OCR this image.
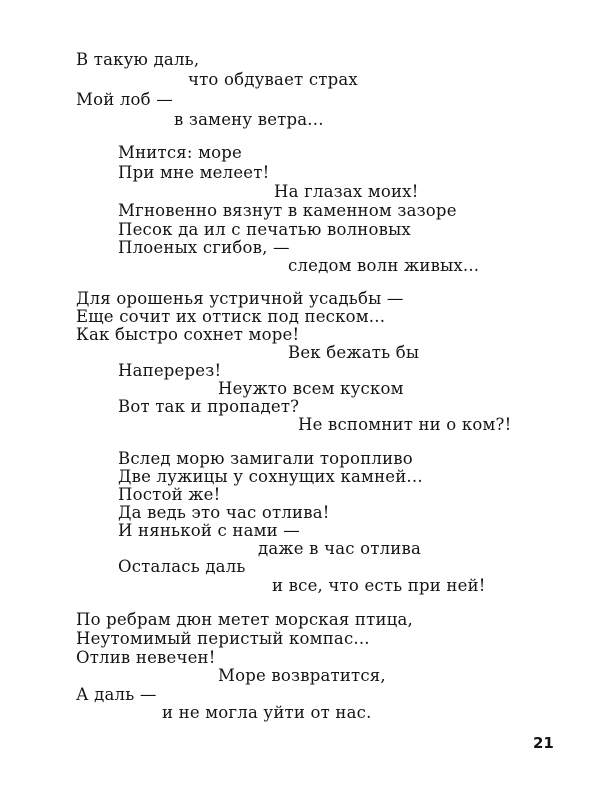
В такую даль,
что обдувает страх
Мой лоб —
в замену ветра...
Мнится: море
При мне мелеет!
На глазах моих!
Мгновенно вязнут в каменном зазоре
Песок да ил с печатью волновых
Плоеных сгибов, —
следом волн живых...
Для орошенья устричной усадьбы —
Еще сочит их оттиск под песком...
Как быстро сохнет море!
Век бежать бы
Наперерез!
Неужто всем куском
Вот так и пропадет?
Не вспомнит ни о ком?!
Вслед морю замигали торопливо
Две лужицы у сохнущих камней...
Постой же!
Да ведь это час отлива!
И нянькой с нами —
даже в час отлива
Осталась даль
и все, что есть при ней!
По ребрам дюн метет морская птица,
Неутомимый перистый компас...
Отлив невечен!
Море возвратится,
А даль —
и не могла уйти от нас.
21
